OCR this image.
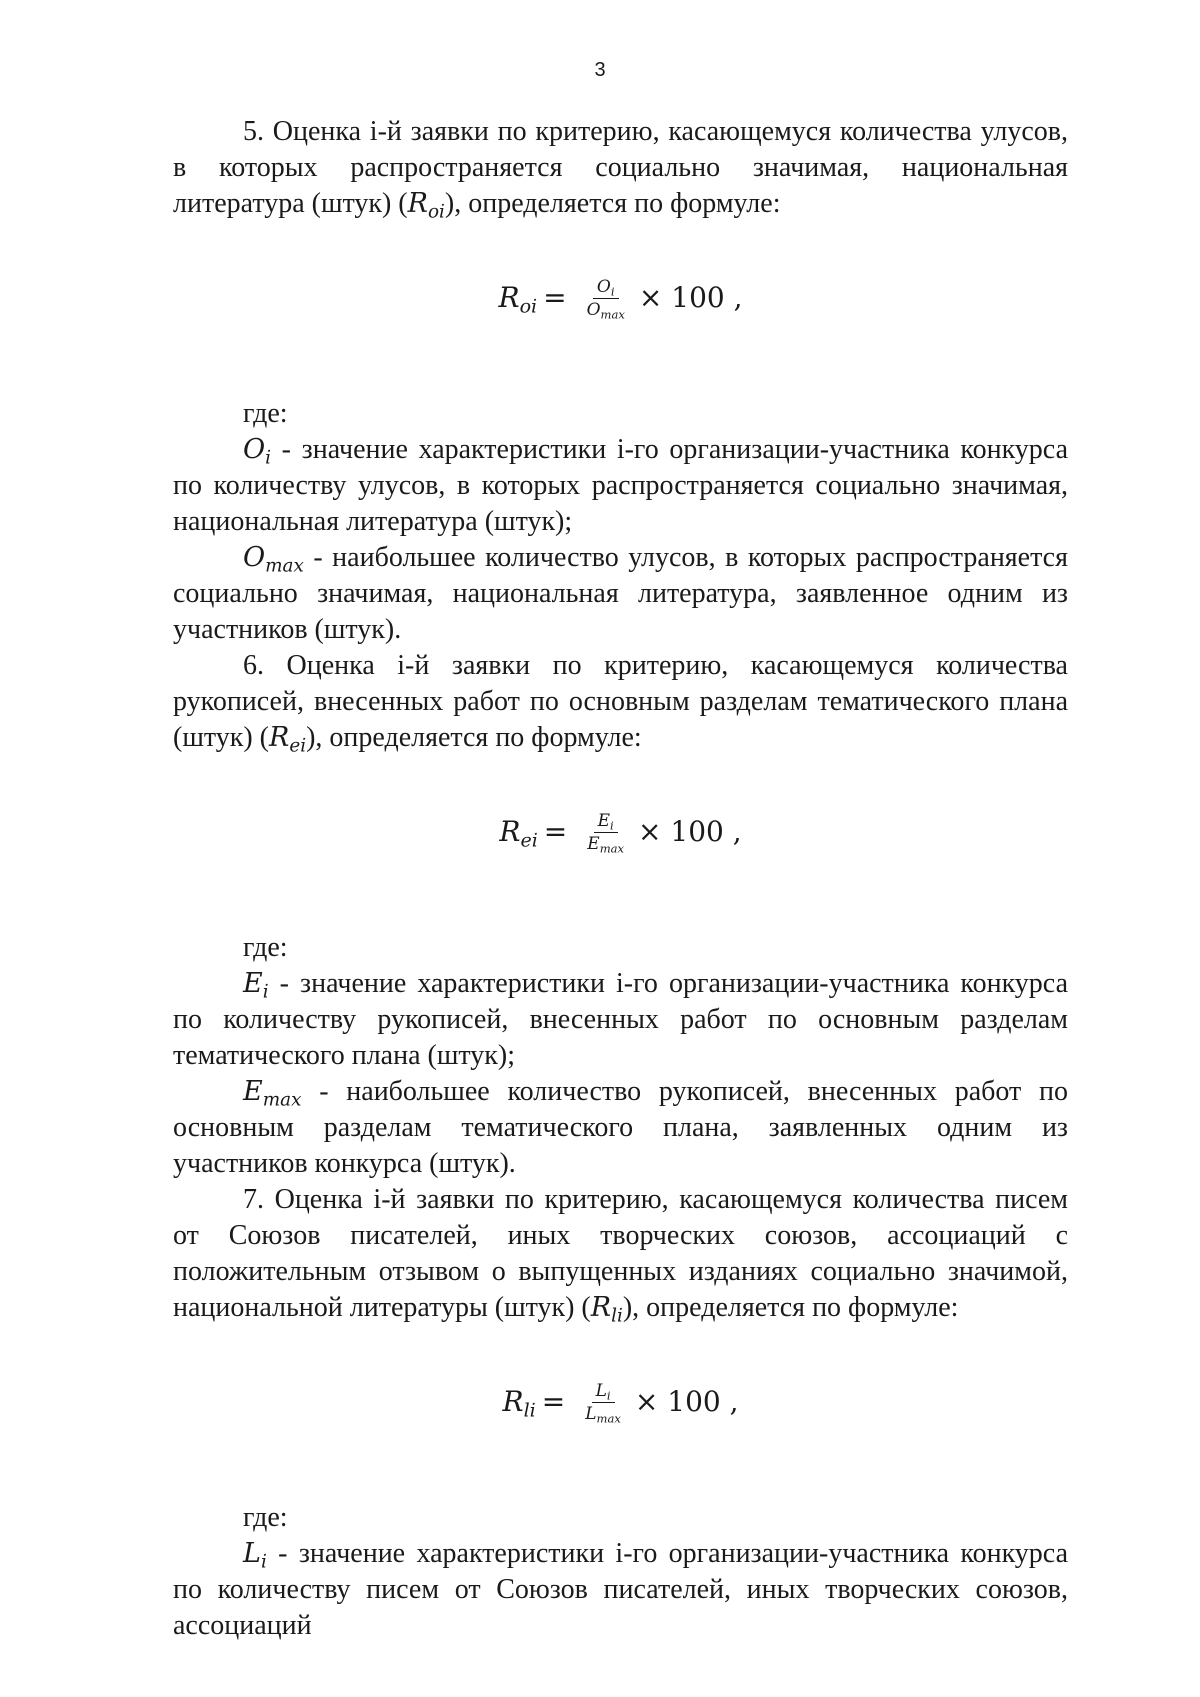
3

5. Оценка i-й заявки по критерию, касающемуся количества улусов, в которых распространяется социально значимая, национальная литература (штук) $(R_{oi})$, определяется по формуле:

$R_{oi} = \frac{O_i}{O_{max}} \times 100$ ,

где:

$O_i$ - значение характеристики i-го организации-участника конкурса по количеству улусов, в которых распространяется социально значимая, национальная литература (штук);

$O_{max}$ - наибольшее количество улусов, в которых распространяется социально значимая, национальная литература, заявленное одним из участников (штук).

6. Оценка i-й заявки по критерию, касающемуся количества рукописей, внесенных работ по основным разделам тематического плана (штук) $(R_{ei})$, определяется по формуле:

$R_{ei} = \frac{E_i}{E_{max}} \times 100$ ,

где:

$E_i$ - значение характеристики i-го организации-участника конкурса по количеству рукописей, внесенных работ по основным разделам тематического плана (штук);

$E_{max}$ - наибольшее количество рукописей, внесенных работ по основным разделам тематического плана, заявленных одним из участников конкурса (штук).

7. Оценка i-й заявки по критерию, касающемуся количества писем от Союзов писателей, иных творческих союзов, ассоциаций с положительным отзывом о выпущенных изданиях социально значимой, национальной литературы (штук) $(R_{li})$, определяется по формуле:

$R_{li} = \frac{L_i}{L_{max}} \times 100$ ,

где:

$L_i$ - значение характеристики i-го организации-участника конкурса по количеству писем от Союзов писателей, иных творческих союзов, ассоциаций
